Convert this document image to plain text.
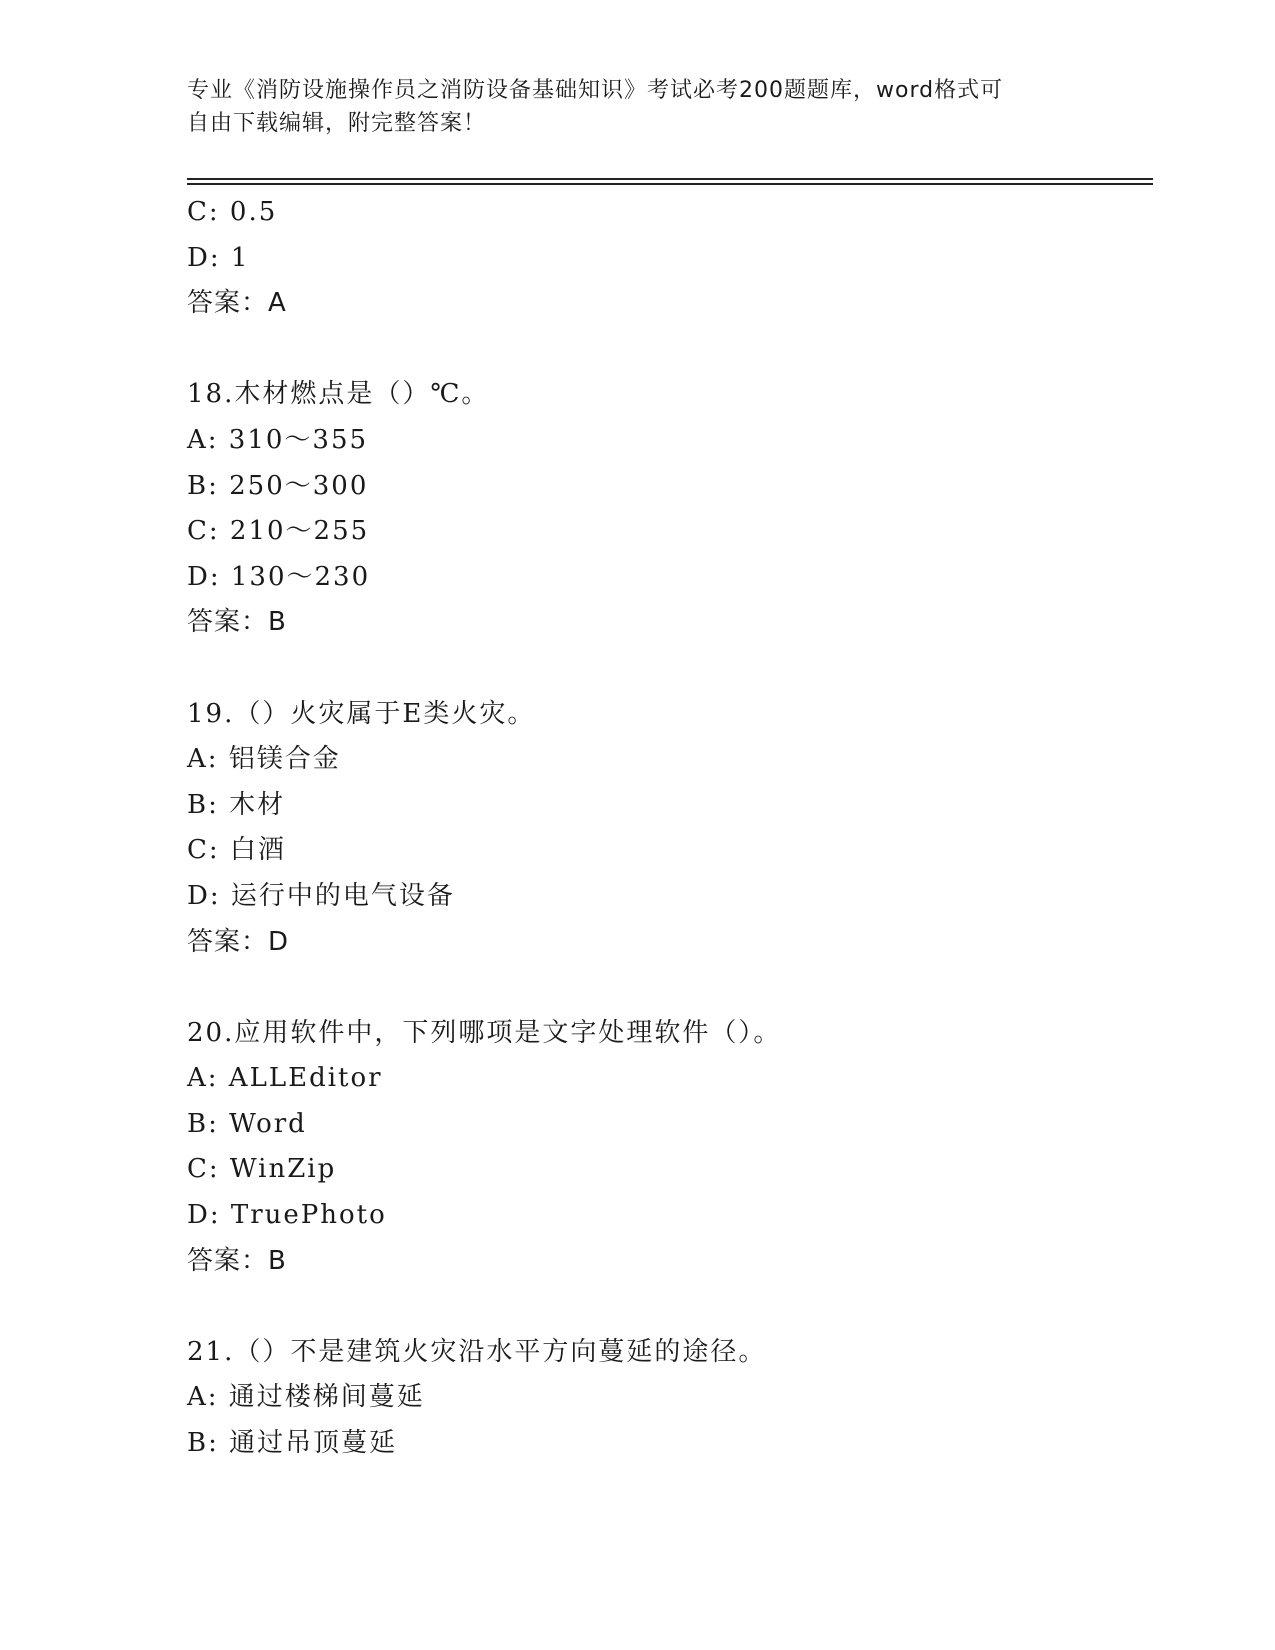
专业《消防设施操作员之消防设备基础知识》考试必考200题题库，word格式可
自由下载编辑，附完整答案！
C: 0.5
D: 1
答案：A
18.木材燃点是（）℃。
A: 310～355
B: 250～300
C: 210～255
D: 130～230
答案：B
19.（）火灾属于E类火灾。
A: 铝镁合金
B: 木材
C: 白酒
D: 运行中的电气设备
答案：D
20.应用软件中，下列哪项是文字处理软件（）。
A: ALLEditor
B: Word
C: WinZip
D: TruePhoto
答案：B
21.（）不是建筑火灾沿水平方向蔓延的途径。
A: 通过楼梯间蔓延
B: 通过吊顶蔓延
